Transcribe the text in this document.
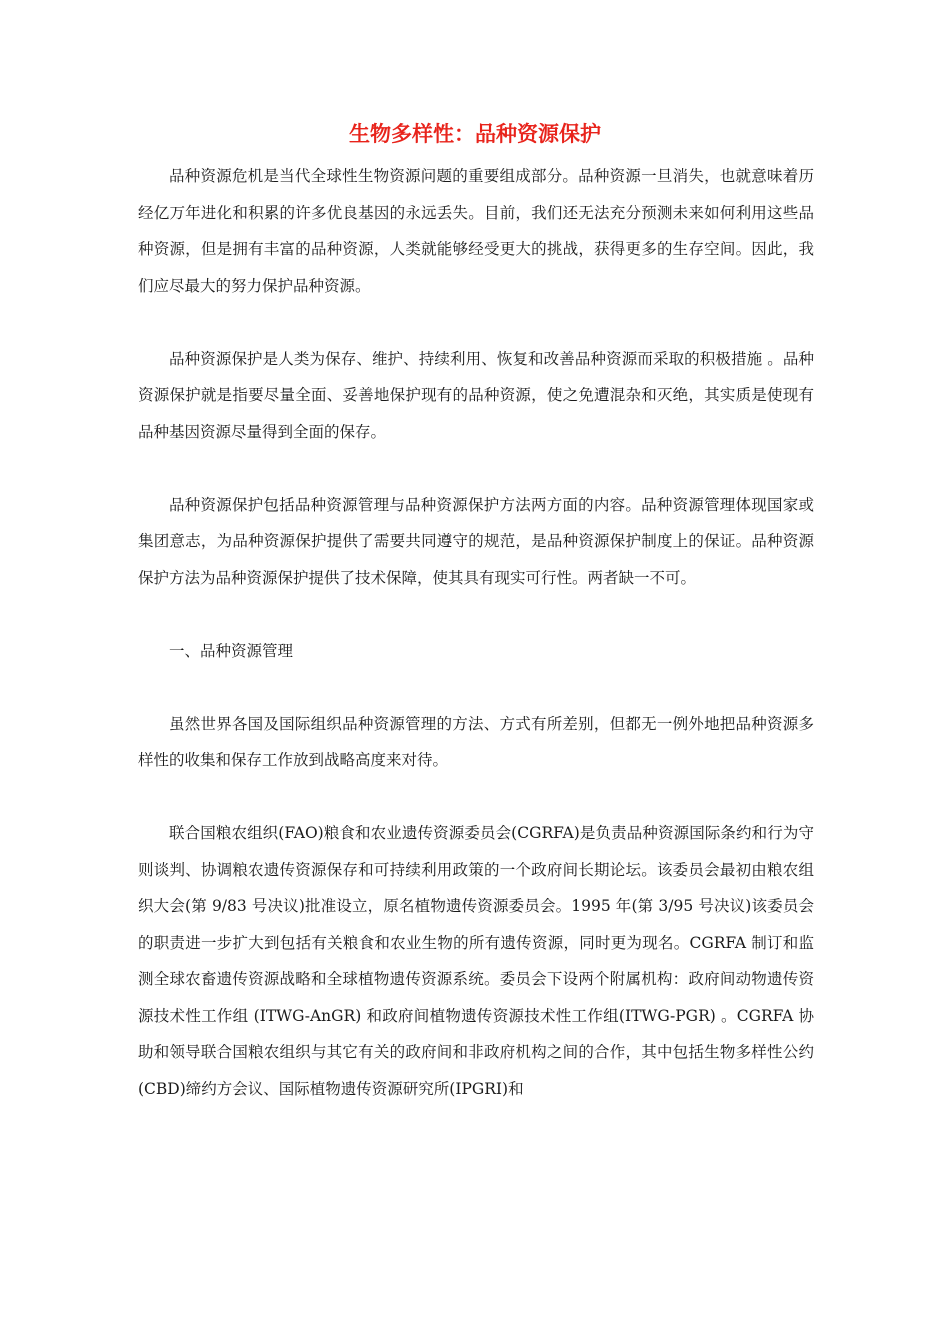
生物多样性：品种资源保护

品种资源危机是当代全球性生物资源问题的重要组成部分。品种资源一旦消失，也就意味着历经亿万年进化和积累的许多优良基因的永远丢失。目前，我们还无法充分预测未来如何利用这些品种资源，但是拥有丰富的品种资源，人类就能够经受更大的挑战，获得更多的生存空间。因此，我们应尽最大的努力保护品种资源。

品种资源保护是人类为保存、维护、持续利用、恢复和改善品种资源而采取的积极措施 。品种资源保护就是指要尽量全面、妥善地保护现有的品种资源，使之免遭混杂和灭绝，其实质是使现有品种基因资源尽量得到全面的保存。

品种资源保护包括品种资源管理与品种资源保护方法两方面的内容。品种资源管理体现国家或集团意志，为品种资源保护提供了需要共同遵守的规范，是品种资源保护制度上的保证。品种资源保护方法为品种资源保护提供了技术保障，使其具有现实可行性。两者缺一不可。

一、品种资源管理

虽然世界各国及国际组织品种资源管理的方法、方式有所差别，但都无一例外地把品种资源多样性的收集和保存工作放到战略高度来对待。

联合国粮农组织(FAO)粮食和农业遗传资源委员会(CGRFA)是负责品种资源国际条约和行为守则谈判、协调粮农遗传资源保存和可持续利用政策的一个政府间长期论坛。该委员会最初由粮农组织大会(第 9/83 号决议)批准设立，原名植物遗传资源委员会。1995 年(第 3/95 号决议)该委员会的职责进一步扩大到包括有关粮食和农业生物的所有遗传资源，同时更为现名。CGRFA 制订和监测全球农畜遗传资源战略和全球植物遗传资源系统。委员会下设两个附属机构：政府间动物遗传资源技术性工作组 (ITWG-AnGR) 和政府间植物遗传资源技术性工作组(ITWG-PGR) 。CGRFA 协助和领导联合国粮农组织与其它有关的政府间和非政府机构之间的合作，其中包括生物多样性公约(CBD)缔约方会议、国际植物遗传资源研究所(IPGRI)和
